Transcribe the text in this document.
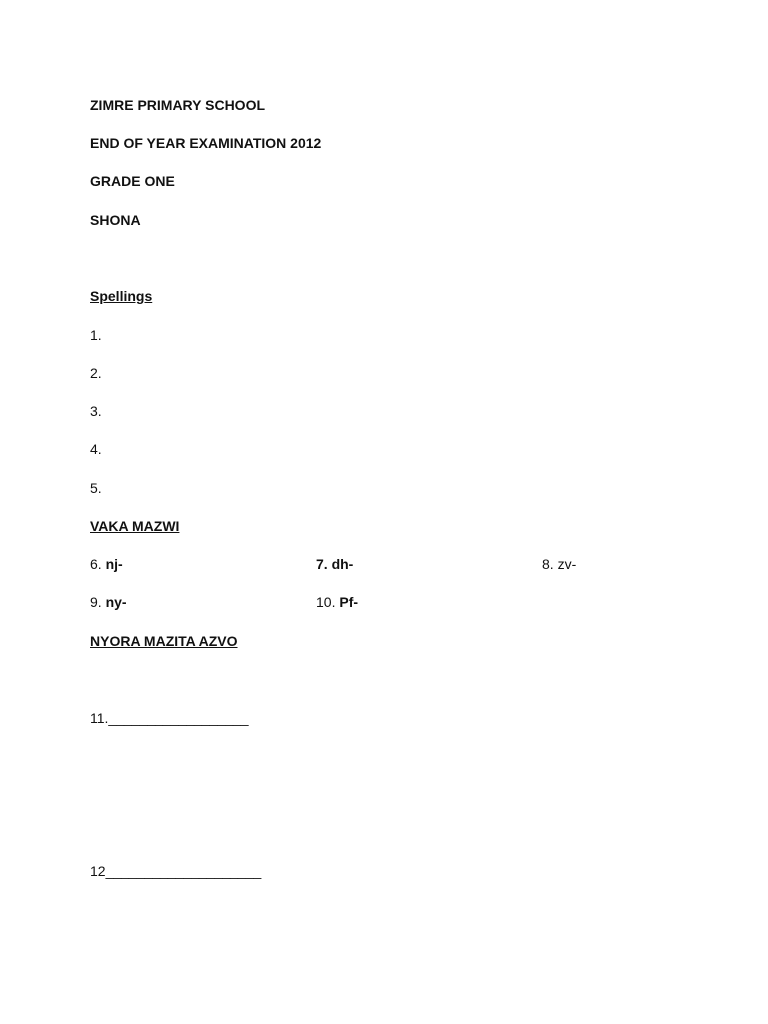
ZIMRE PRIMARY SCHOOL
END OF YEAR EXAMINATION 2012
GRADE ONE
SHONA
Spellings
1.
2.
3.
4.
5.
VAKA MAZWI
6. nj-	7. dh-	8. zv-
9. ny-	10. Pf-
NYORA MAZITA AZVO
11.__________________
12____________________
